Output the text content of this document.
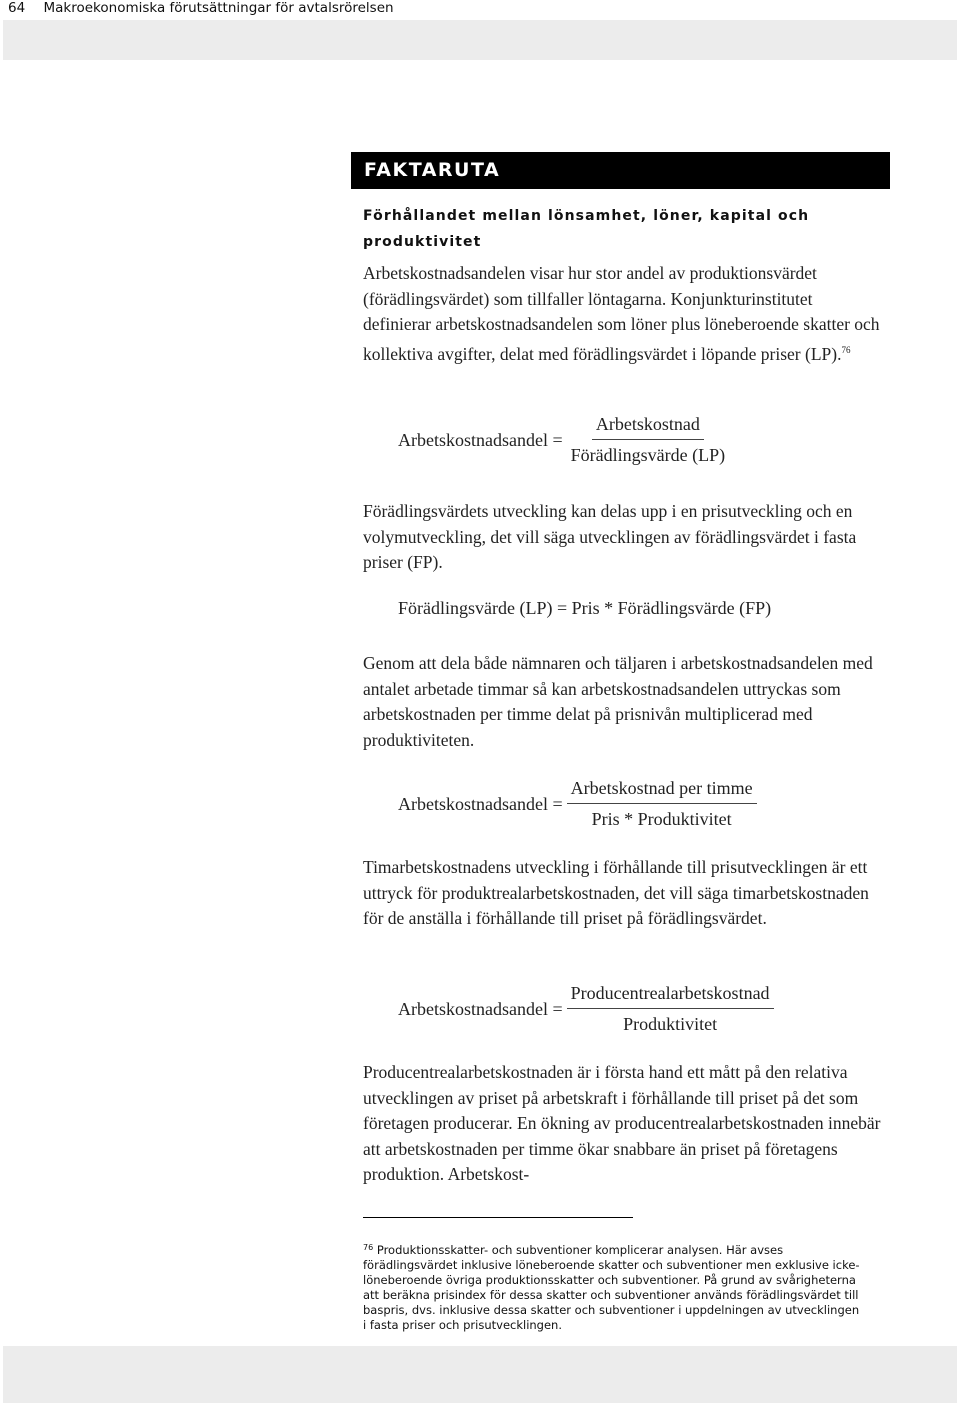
64 Makroekonomiska förutsättningar för avtalsrörelsen
FAKTARUTA
Förhållandet mellan lönsamhet, löner, kapital och produktivitet
Arbetskostnadsandelen visar hur stor andel av produktionsvärdet (förädlingsvärdet) som tillfaller löntagarna. Konjunkturinstitutet definierar arbetskostnadsandelen som löner plus löneberoende skatter och kollektiva avgifter, delat med förädlingsvärdet i löpande priser (LP).$^{76}$
Arbetskostnadsandel = $\frac{\text{Arbetskostnad}}{\text{Förädlingsvärde (LP)}}$
Förädlingsvärdets utveckling kan delas upp i en prisutveckling och en volymutveckling, det vill säga utvecklingen av förädlingsvärdet i fasta priser (FP).
Förädlingsvärde (LP) = Pris * Förädlingsvärde (FP)
Genom att dela både nämnaren och täljaren i arbetskostnadsandelen med antalet arbetade timmar så kan arbetskostnadsandelen uttryckas som arbetskostnaden per timme delat på prisnivån multiplicerad med produktiviteten.
Arbetskostnadsandel = $\frac{\text{Arbetskostnad per timme}}{\text{Pris * Produktivitet}}$
Timarbetskostnadens utveckling i förhållande till prisutvecklingen är ett uttryck för produktrealarbetskostnaden, det vill säga timarbetskostnaden för de anställa i förhållande till priset på förädlingsvärdet.
Arbetskostnadsandel = $\frac{\text{Producentrealarbetskostnad}}{\text{Produktivitet}}$
Producentrealarbetskostnaden är i första hand ett mått på den relativa utvecklingen av priset på arbetskraft i förhållande till priset på det som företagen producerar. En ökning av producentrealarbetskostnaden innebär att arbetskostnaden per timme ökar snabbare än priset på företagens produktion. Arbetskost-
$^{76}$ Produktionsskatter- och subventioner komplicerar analysen. Här avses förädlingsvärdet inklusive löneberoende skatter och subventioner men exklusive icke-löneberoende övriga produktionsskatter och subventioner. På grund av svårigheterna att beräkna prisindex för dessa skatter och subventioner används förädlingsvärdet till baspris, dvs. inklusive dessa skatter och subventioner i uppdelningen av utvecklingen i fasta priser och prisutvecklingen.
